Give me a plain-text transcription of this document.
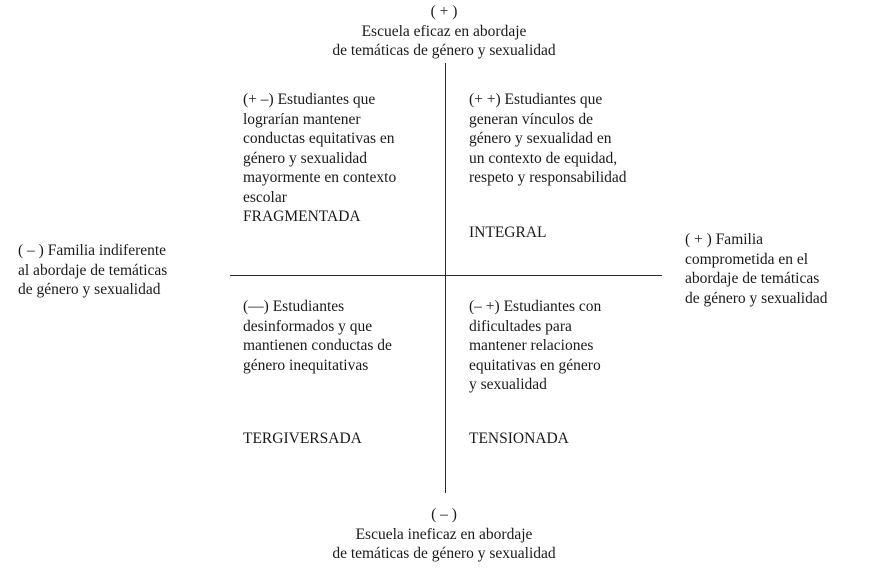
( + )
Escuela eficaz en abordaje
de temáticas de género y sexualidad
( – )
Escuela ineficaz en abordaje
de temáticas de género y sexualidad
( – ) Familia indiferente
al abordaje de temáticas
de género y sexualidad
( + ) Familia
comprometida en el
abordaje de temáticas
de género y sexualidad
(+ –) Estudiantes que
lograrían mantener
conductas equitativas en
género y sexualidad
mayormente en contexto
escolar
FRAGMENTADA
(+ +) Estudiantes que
generan vínculos de
género y sexualidad en
un contexto de equidad,
respeto y responsabilidad
INTEGRAL
(––) Estudiantes
desinformados y que
mantienen conductas de
género inequitativas
TERGIVERSADA
(– +) Estudiantes con
dificultades para
mantener relaciones
equitativas en género
y sexualidad
TENSIONADA
